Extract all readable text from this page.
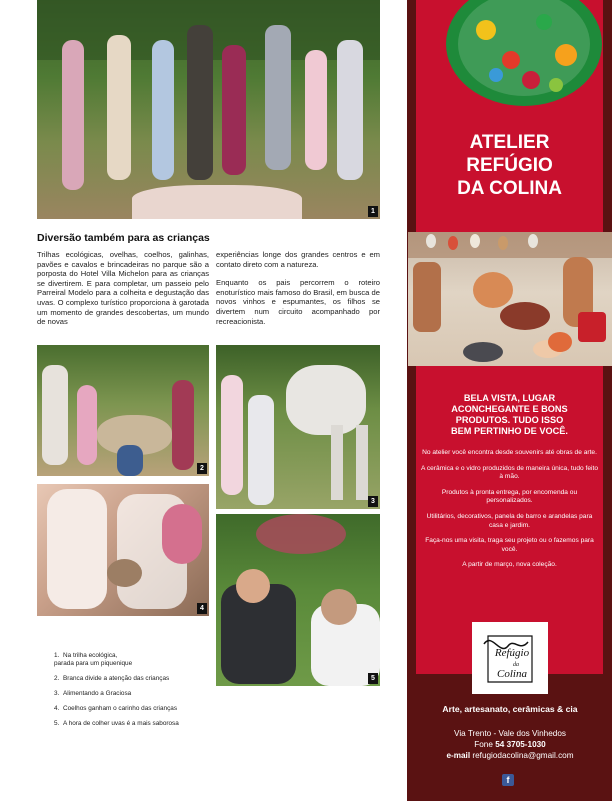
1
Diversão também para as crianças

Trilhas ecológicas, ovelhas, coelhos, galinhas, pavões e cavalos e brincadeiras no parque são a porposta do Hotel Villa Michelon para as crianças se divertirem. E para completar, um passeio pelo Parreiral Modelo para a colheita e degustação das uvas. O complexo turístico proporciona à garotada um momento de grandes descobertas, um mundo de novas

experiências longe dos grandes centros e em contato direto com a natureza.

Enquanto os pais percorrem o roteiro enoturístico mais famoso do Brasil, em busca de novos vinhos e espumantes, os filhos se divertem num circuito acompanhado por recreacionista.

2
3
4
5
1. Na trilha ecológica,
parada para um piquenique
2. Branca divide a atenção das crianças
3. Alimentando a Graciosa
4. Coelhos ganham o carinho das crianças
5. A hora de colher uvas é a mais saborosa
ATELIER
REFÚGIO
DA COLINA
BELA VISTA, LUGAR
ACONCHEGANTE E BONS
PRODUTOS. TUDO ISSO
BEM PERTINHO DE VOCÊ.

No atelier você encontra desde souvenirs até obras de arte.

A cerâmica e o vidro produzidos de maneira única, tudo feito à mão.

Produtos à pronta entrega, por encomenda ou personalizados.

Utilitários, decorativos, panela de barro e arandelas para casa e jardim.

Faça-nos uma visita, traga seu projeto ou o fazemos para você.

A partir de março, nova coleção.

Refúgio
da
Colina
Arte, artesanato, cerâmicas & cia
Via Trento - Vale dos Vinhedos
Fone 54 3705-1030
e-mail refugiodacolina@gmail.com
f
